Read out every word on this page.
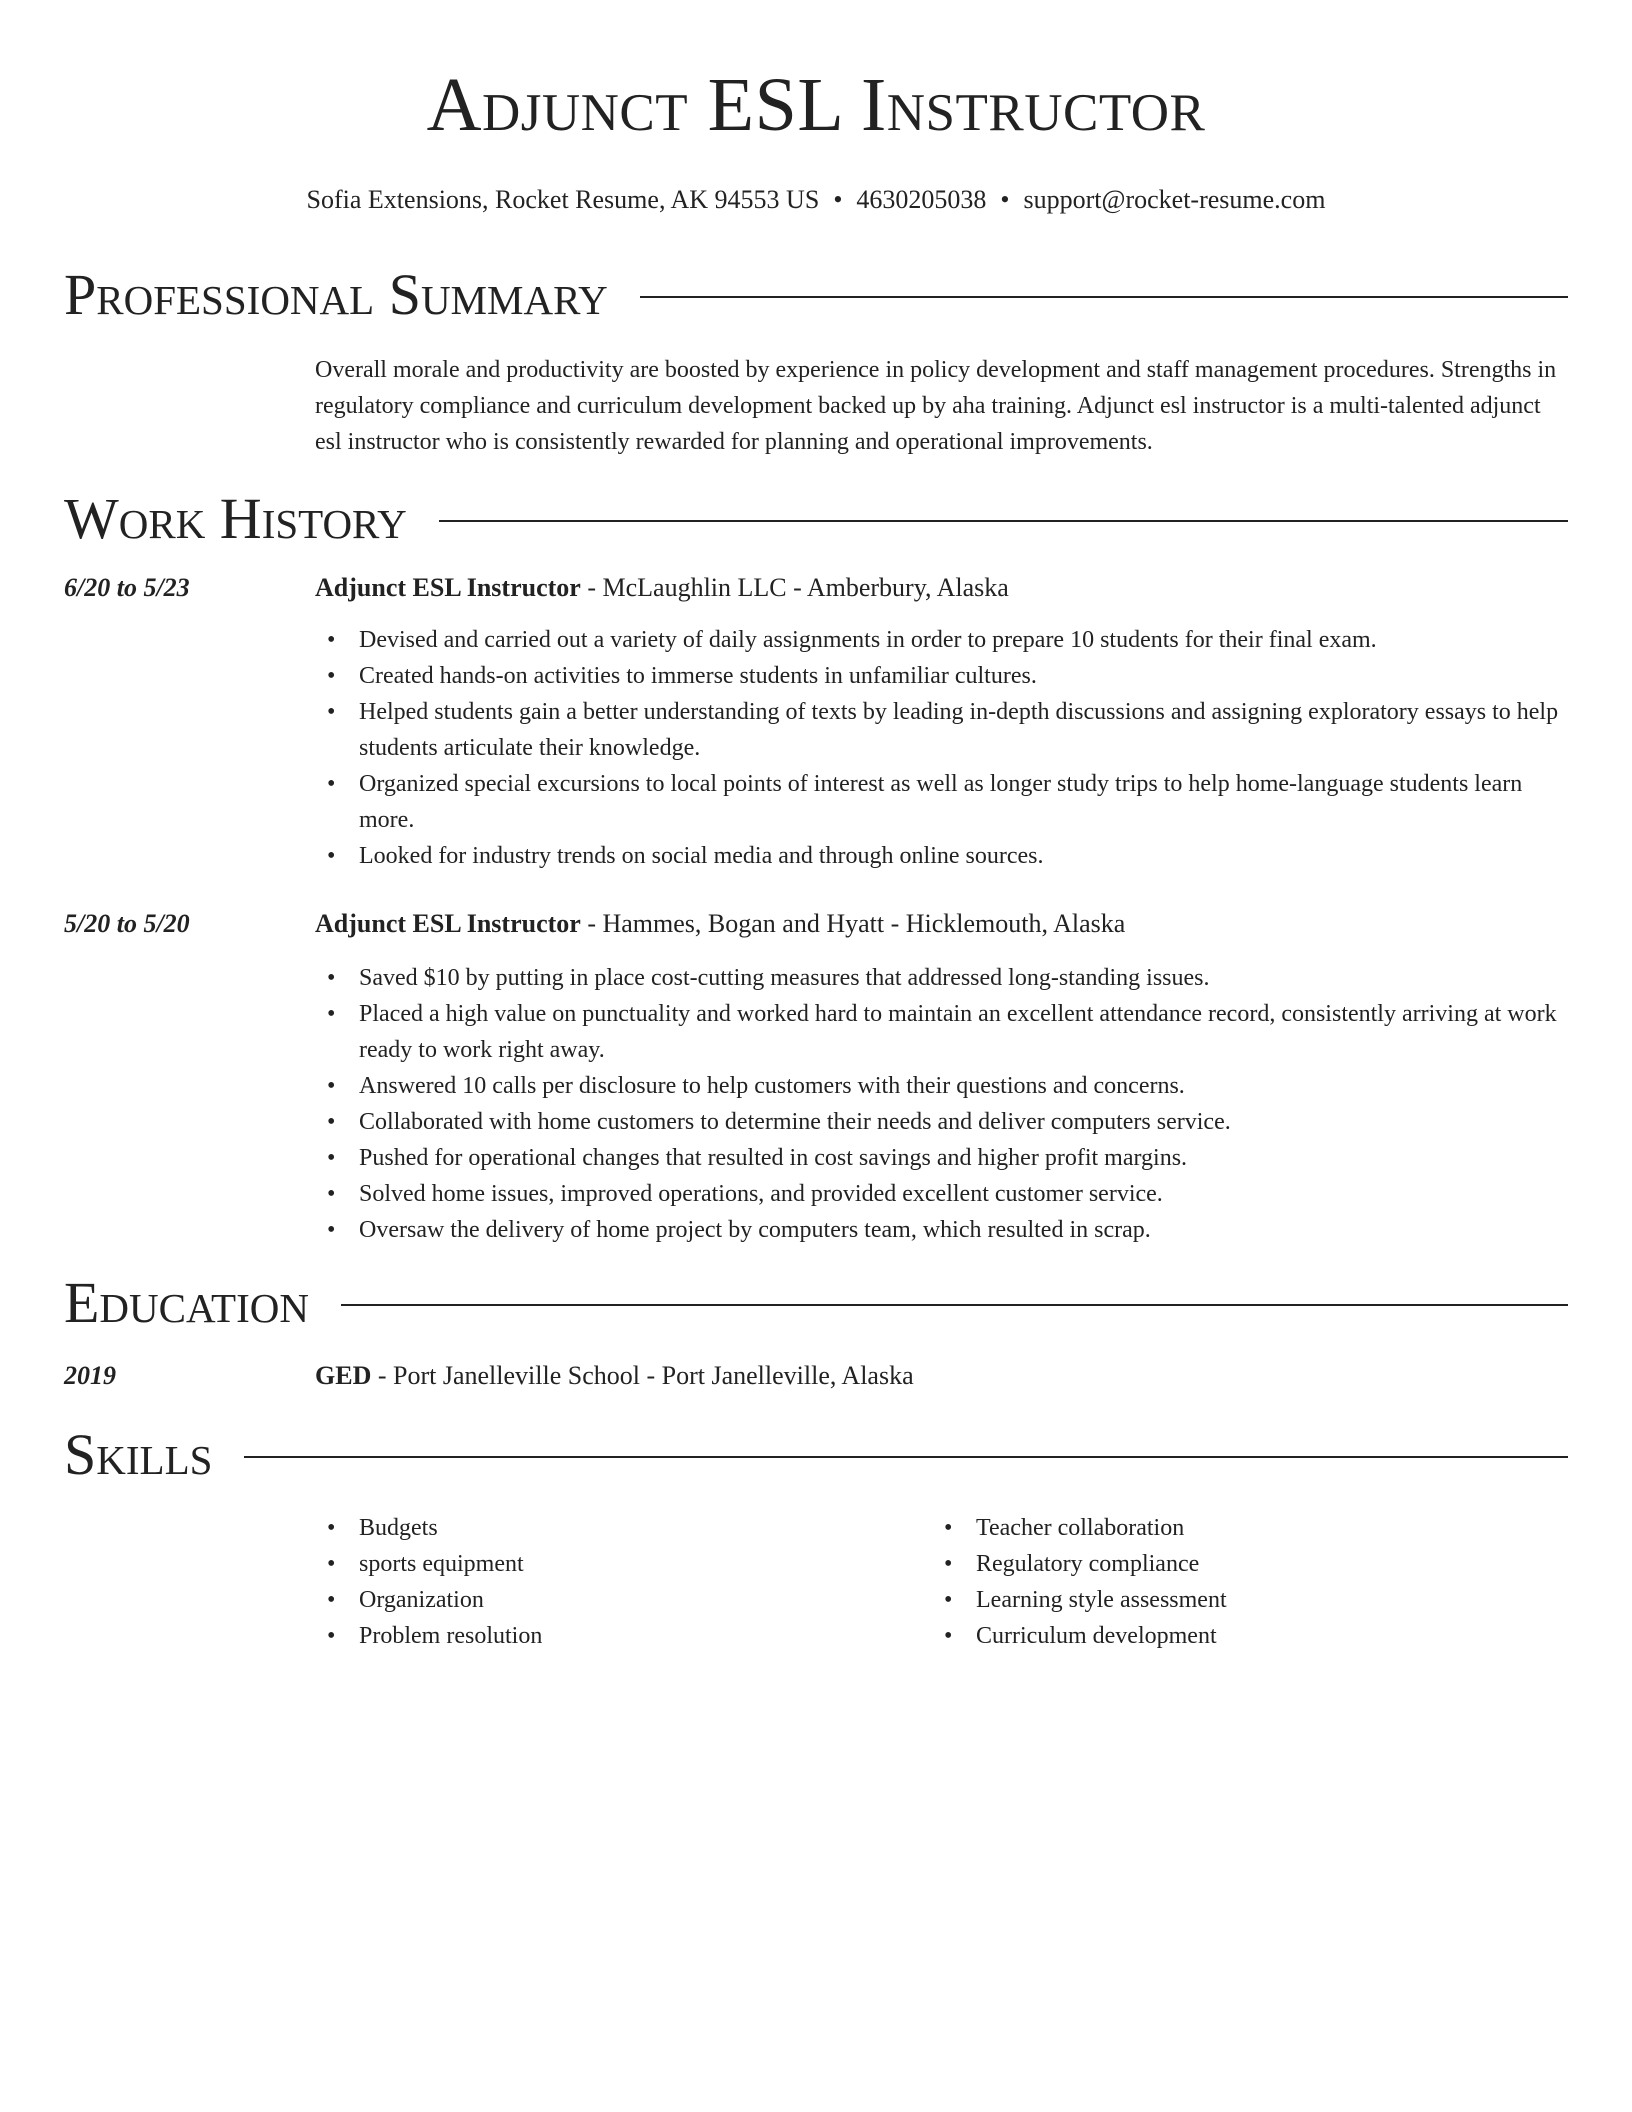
Adjunct ESL Instructor
Sofia Extensions, Rocket Resume, AK 94553 US • 4630205038 • support@rocket-resume.com
Professional Summary

Overall morale and productivity are boosted by experience in policy development and staff management procedures. Strengths in regulatory compliance and curriculum development backed up by aha training. Adjunct esl instructor is a multi-talented adjunct esl instructor who is consistently rewarded for planning and operational improvements.

Work History
6/20 to 5/23	Adjunct ESL Instructor - McLaughlin LLC - Amberbury, Alaska
• Devised and carried out a variety of daily assignments in order to prepare 10 students for their final exam.
• Created hands-on activities to immerse students in unfamiliar cultures.
• Helped students gain a better understanding of texts by leading in-depth discussions and assigning exploratory essays to help students articulate their knowledge.
• Organized special excursions to local points of interest as well as longer study trips to help home-language students learn more.
• Looked for industry trends on social media and through online sources.
5/20 to 5/20	Adjunct ESL Instructor - Hammes, Bogan and Hyatt - Hicklemouth, Alaska
• Saved $10 by putting in place cost-cutting measures that addressed long-standing issues.
• Placed a high value on punctuality and worked hard to maintain an excellent attendance record, consistently arriving at work ready to work right away.
• Answered 10 calls per disclosure to help customers with their questions and concerns.
• Collaborated with home customers to determine their needs and deliver computers service.
• Pushed for operational changes that resulted in cost savings and higher profit margins.
• Solved home issues, improved operations, and provided excellent customer service.
• Oversaw the delivery of home project by computers team, which resulted in scrap.
Education
2019	GED - Port Janelleville School - Port Janelleville, Alaska
Skills
• Budgets
• sports equipment
• Organization
• Problem resolution
• Teacher collaboration
• Regulatory compliance
• Learning style assessment
• Curriculum development
